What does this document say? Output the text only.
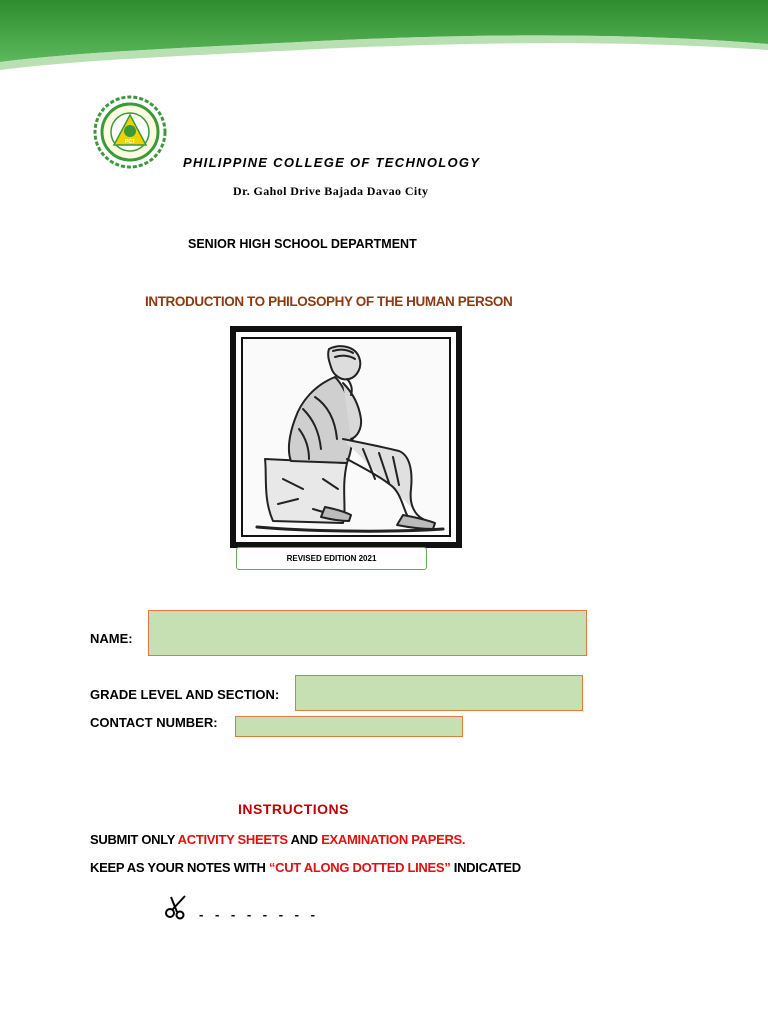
PCT
PHILIPPINE COLLEGE OF TECHNOLOGY
Dr. Gahol Drive Bajada Davao City
SENIOR HIGH SCHOOL DEPARTMENT
INTRODUCTION TO PHILOSOPHY OF THE HUMAN PERSON
REVISED EDITION 2021
NAME:
GRADE LEVEL AND SECTION:
CONTACT NUMBER:
INSTRUCTIONS
SUBMIT ONLY ACTIVITY SHEETS AND EXAMINATION PAPERS.
KEEP AS YOUR NOTES WITH “CUT ALONG DOTTED LINES” INDICATED
- - - - - - - -
